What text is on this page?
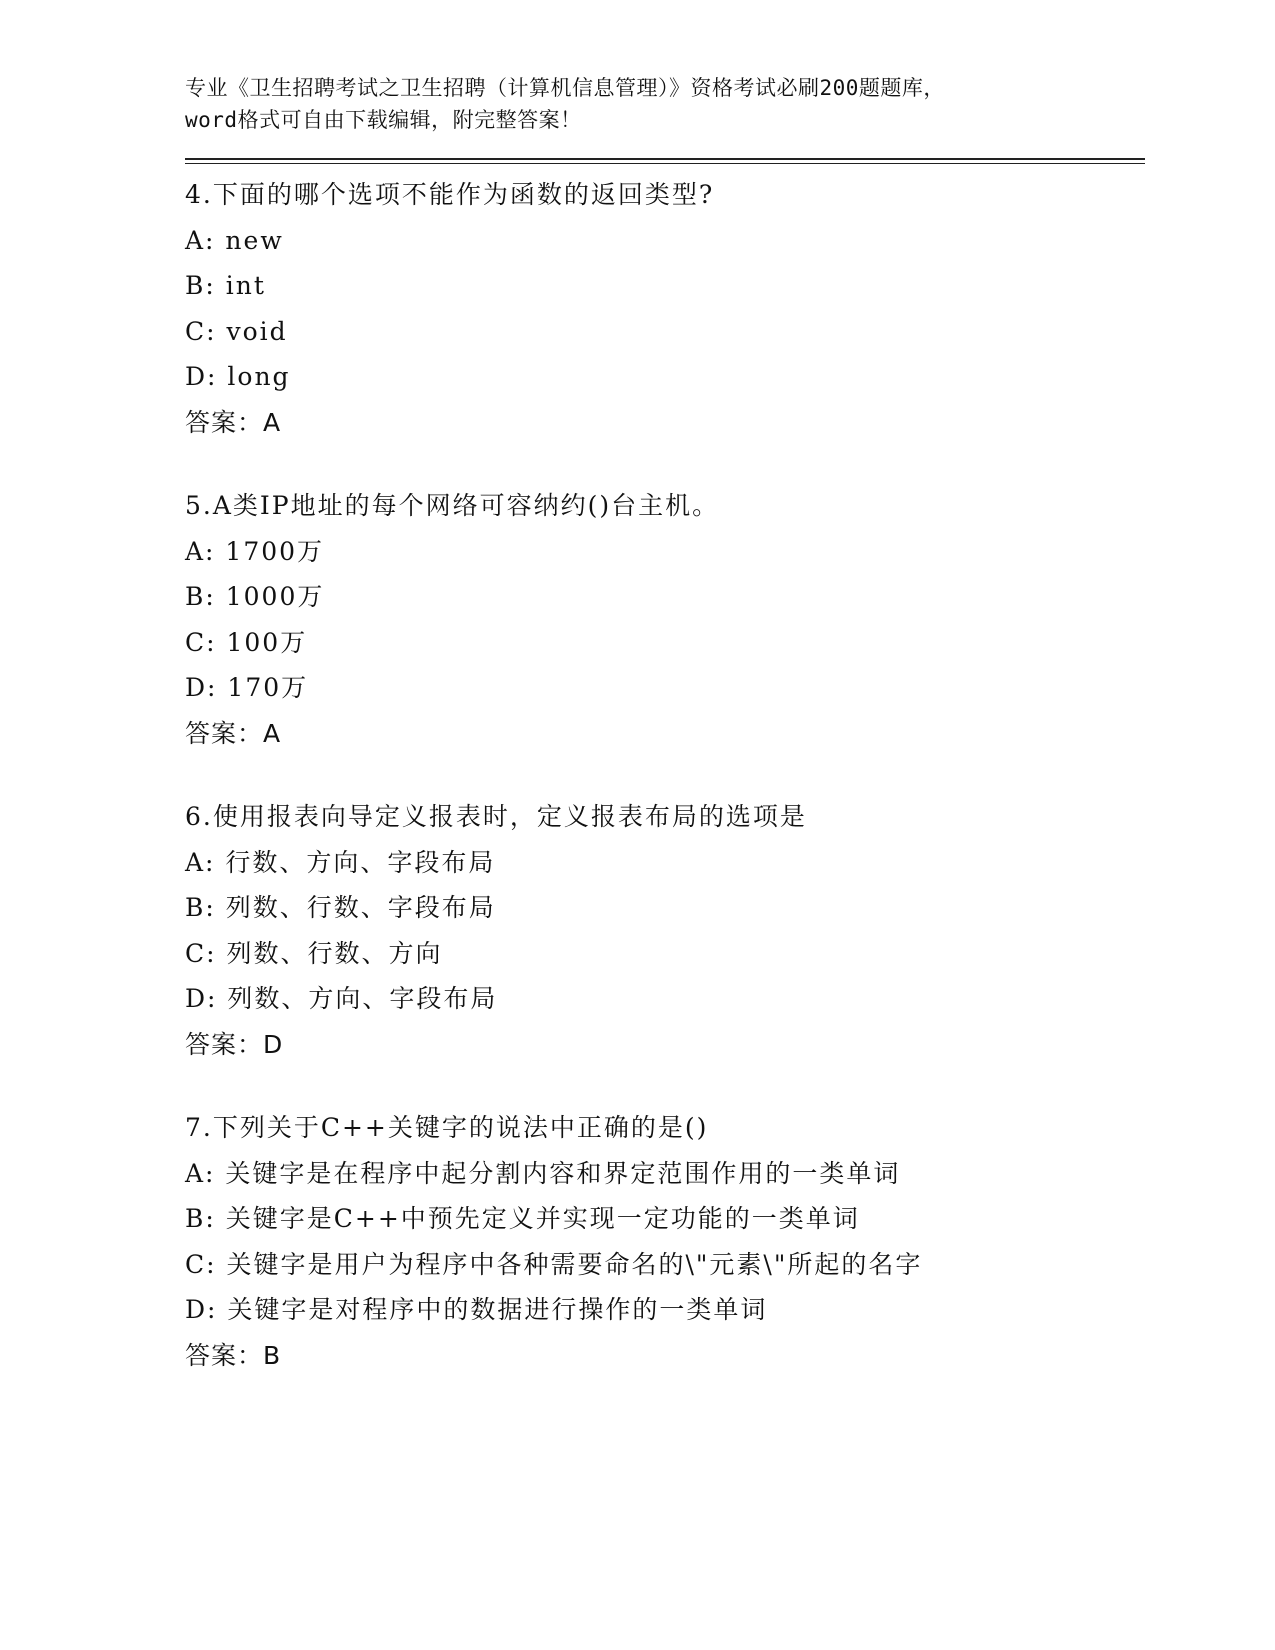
专业《卫生招聘考试之卫生招聘（计算机信息管理）》资格考试必刷200题题库，
word格式可自由下载编辑，附完整答案！
4.下面的哪个选项不能作为函数的返回类型?
A: new
B: int
C: void
D: long
答案：A
5.A类IP地址的每个网络可容纳约()台主机。
A: 1700万
B: 1000万
C: 100万
D: 170万
答案：A
6.使用报表向导定义报表时，定义报表布局的选项是
A: 行数、方向、字段布局
B: 列数、行数、字段布局
C: 列数、行数、方向
D: 列数、方向、字段布局
答案：D
7.下列关于C++关键字的说法中正确的是()
A: 关键字是在程序中起分割内容和界定范围作用的一类单词
B: 关键字是C++中预先定义并实现一定功能的一类单词
C: 关键字是用户为程序中各种需要命名的\"元素\"所起的名字
D: 关键字是对程序中的数据进行操作的一类单词
答案：B
